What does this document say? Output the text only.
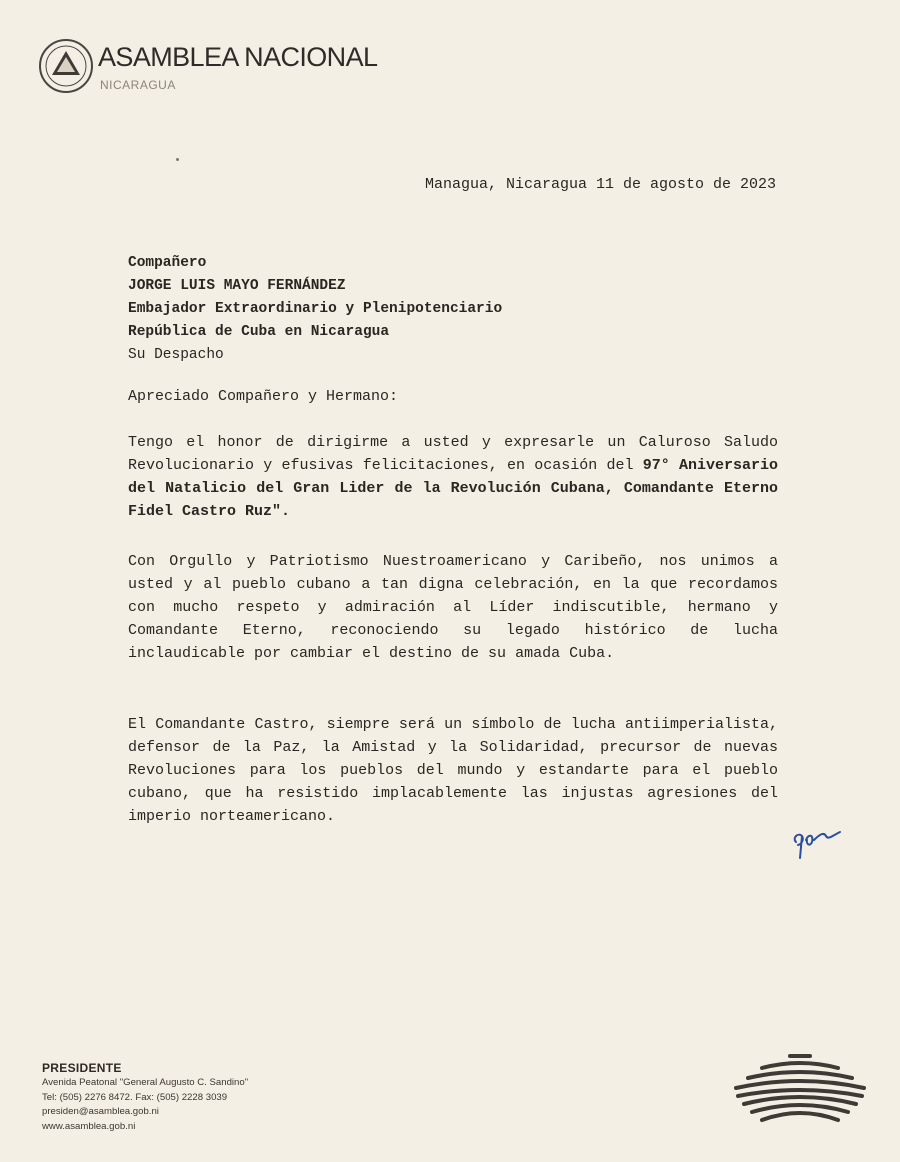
ASAMBLEA NACIONAL
NICARAGUA
Managua, Nicaragua 11 de agosto de 2023
Compañero
JORGE LUIS MAYO FERNÁNDEZ
Embajador Extraordinario y Plenipotenciario
República de Cuba en Nicaragua
Su Despacho
Apreciado Compañero y Hermano:
Tengo el honor de dirigirme a usted y expresarle un Caluroso Saludo Revolucionario y efusivas felicitaciones, en ocasión del 97° Aniversario del Natalicio del Gran Lider de la Revolución Cubana, Comandante Eterno Fidel Castro Ruz".
Con Orgullo y Patriotismo Nuestroamericano y Caribeño, nos unimos a usted y al pueblo cubano a tan digna celebración, en la que recordamos con mucho respeto y admiración al Líder indiscutible, hermano y Comandante Eterno, reconociendo su legado histórico de lucha inclaudicable por cambiar el destino de su amada Cuba.
El Comandante Castro, siempre será un símbolo de lucha antiimperialista, defensor de la Paz, la Amistad y la Solidaridad, precursor de nuevas Revoluciones para los pueblos del mundo y estandarte para el pueblo cubano, que ha resistido implacablemente las injustas agresiones del imperio norteamericano.
PRESIDENTE
Avenida Peatonal "General Augusto C. Sandino"
Tel: (505) 2276 8472. Fax: (505) 2228 3039
presiden@asamblea.gob.ni
www.asamblea.gob.ni
